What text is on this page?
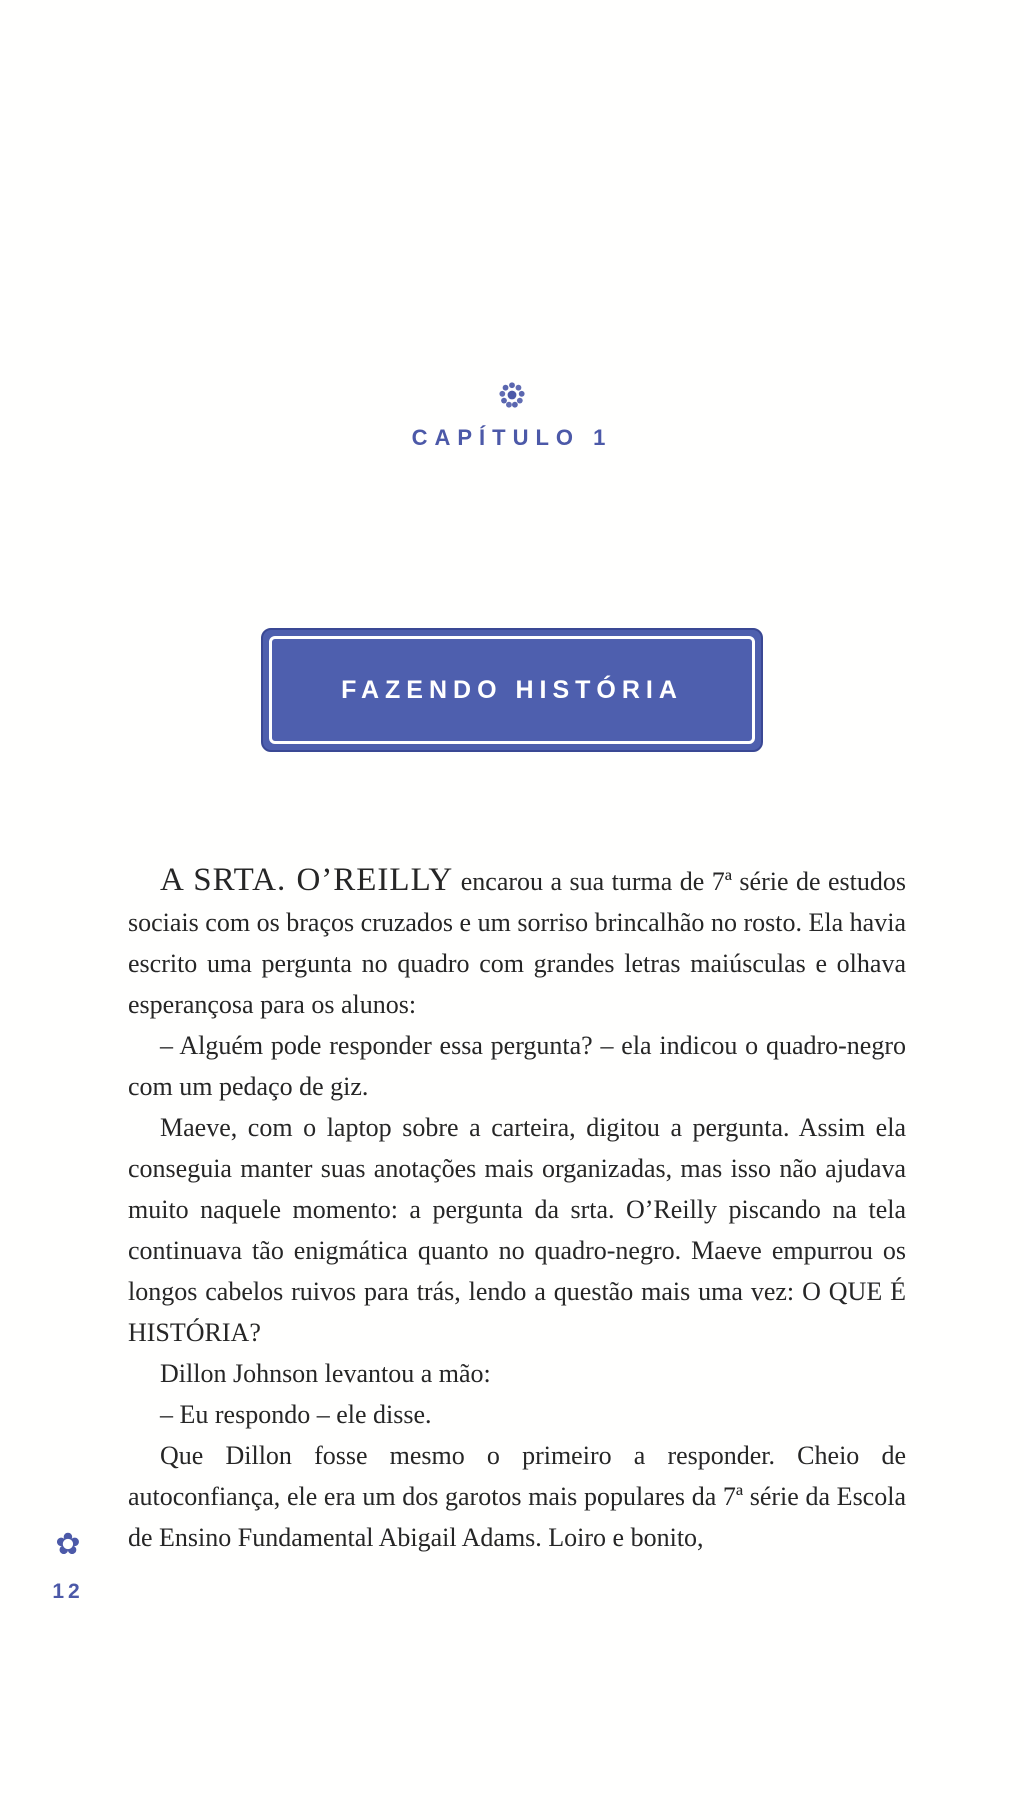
CAPÍTULO 1
FAZENDO HISTÓRIA

A SRTA. O’REILLY encarou a sua turma de 7ª série de estudos sociais com os braços cruzados e um sorriso brincalhão no rosto. Ela havia escrito uma pergunta no quadro com grandes letras maiúsculas e olhava esperançosa para os alunos:

– Alguém pode responder essa pergunta? – ela indicou o quadro-negro com um pedaço de giz.

Maeve, com o laptop sobre a carteira, digitou a pergunta. Assim ela conseguia manter suas anotações mais organizadas, mas isso não ajudava muito naquele momento: a pergunta da srta. O’Reilly piscando na tela continuava tão enigmática quanto no quadro-negro. Maeve empurrou os longos cabelos ruivos para trás, lendo a questão mais uma vez: O QUE É HISTÓRIA?

Dillon Johnson levantou a mão:

– Eu respondo – ele disse.

Que Dillon fosse mesmo o primeiro a responder. Cheio de autoconfiança, ele era um dos garotos mais populares da 7ª série da Escola de Ensino Fundamental Abigail Adams. Loiro e bonito,

✿
12
